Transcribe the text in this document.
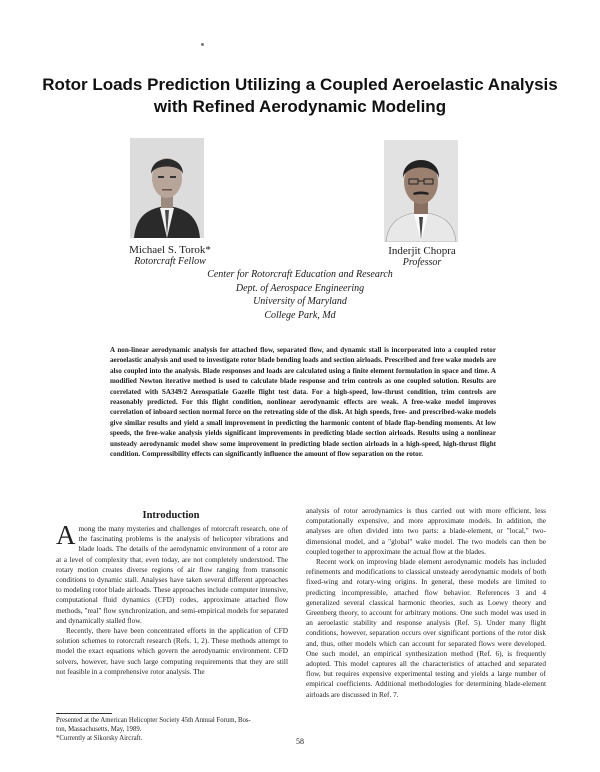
Rotor Loads Prediction Utilizing a Coupled Aeroelastic Analysis
with Refined Aerodynamic Modeling
Michael S. Torok*
Rotorcraft Fellow
Inderjit Chopra
Professor
Center for Rotorcraft Education and Research
Dept. of Aerospace Engineering
University of Maryland
College Park, Md
A non-linear aerodynamic analysis for attached flow, separated flow, and dynamic stall is incorporated into a coupled rotor aeroelastic analysis and used to investigate rotor blade bending loads and section airloads. Prescribed and free wake models are also coupled into the analysis. Blade responses and loads are calculated using a finite element formulation in space and time. A modified Newton iterative method is used to calculate blade response and trim controls as one coupled solution. Results are correlated with SA349/2 Aerospatiale Gazelle flight test data. For a high-speed, low-thrust condition, trim controls are reasonably predicted. For this flight condition, nonlinear aerodynamic effects are weak. A free-wake model improves correlation of inboard section normal force on the retreating side of the disk. At high speeds, free- and prescribed-wake models give similar results and yield a small improvement in predicting the harmonic content of blade flap-bending moments. At low speeds, the free-wake analysis yields significant improvements in predicting blade section airloads. Results using a nonlinear unsteady aerodynamic model show some improvement in predicting blade section airloads in a high-speed, high-thrust flight condition. Compressibility effects can significantly influence the amount of flow separation on the rotor.
Introduction

Among the many mysteries and challenges of rotorcraft research, one of the fascinating problems is the analysis of helicopter vibrations and blade loads. The details of the aerodynamic environment of a rotor are at a level of complexity that, even today, are not completely understood. The rotary motion creates diverse regions of air flow ranging from transonic conditions to dynamic stall. Analyses have taken several different approaches to modeling rotor blade airloads. These approaches include computer intensive, computational fluid dynamics (CFD) codes, approximate attached flow methods, "real" flow synchronization, and semi-empirical models for separated and dynamically stalled flow.

Recently, there have been concentrated efforts in the application of CFD solution schemes to rotorcraft research (Refs. 1, 2). These methods attempt to model the exact equations which govern the aerodynamic environment. CFD solvers, however, have such large computing requirements that they are still not feasible in a comprehensive rotor analysis. The

analysis of rotor aerodynamics is thus carried out with more efficient, less computationally expensive, and more approximate models. In addition, the analyses are often divided into two parts: a blade-element, or "local," two-dimensional model, and a "global" wake model. The two models can then be coupled together to approximate the actual flow at the blades.

Recent work on improving blade element aerodynamic models has included refinements and modifications to classical unsteady aerodynamic models of both fixed-wing and rotary-wing origins. In general, these models are limited to predicting incompressible, attached flow behavior. References 3 and 4 generalized several classical harmonic theories, such as Loewy theory and Greenberg theory, to account for arbitrary motions. One such model was used in an aeroelastic stability and response analysis (Ref. 5). Under many flight conditions, however, separation occurs over significant portions of the rotor disk and, thus, other models which can account for separated flows were developed. One such model, an empirical synthesization method (Ref. 6), is frequently adopted. This model captures all the characteristics of attached and separated flow, but requires expensive experimental testing and yields a large number of empirical coefficients. Additional methodologies for determining blade-element airloads are discussed in Ref. 7.

Presented at the American Helicopter Society 45th Annual Forum, Bos-
ton, Massachusetts, May, 1989.
*Currently at Sikorsky Aircraft.	58
